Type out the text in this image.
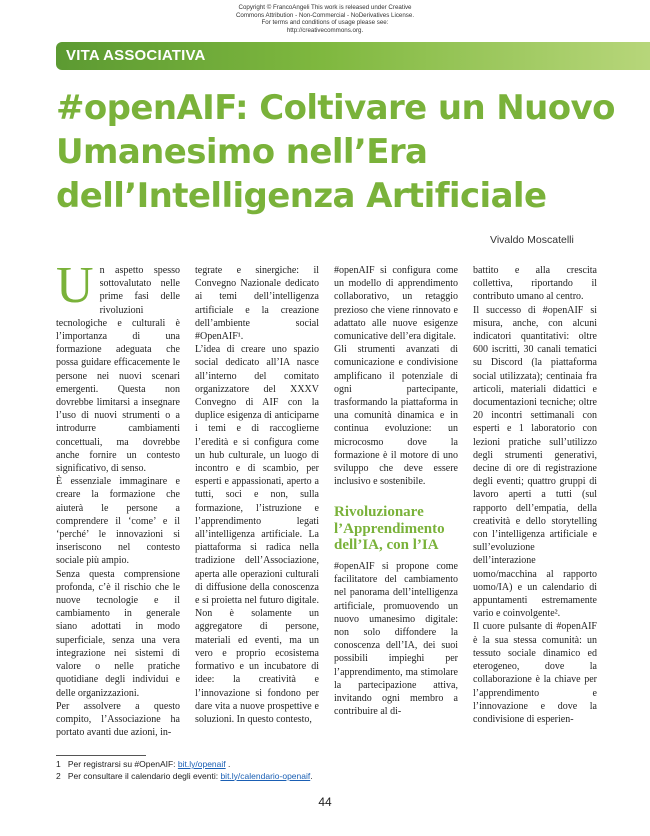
Copyright © FrancoAngeli This work is released under Creative
Commons Attribution - Non-Commercial - NoDerivatives License.
For terms and conditions of usage please see:
http://creativecommons.org.
VITA ASSOCIATIVA
#openAIF: Coltivare un Nuovo Umanesimo nell’Era dell’Intelligenza Artificiale
Vivaldo Moscatelli

Un aspetto spesso sottovalutato nelle prime fasi delle rivoluzioni tecnologiche e culturali è l’importanza di una formazione adeguata che possa guidare efficacemente le persone nei nuovi scenari emergenti. Questa non dovrebbe limitarsi a insegnare l’uso di nuovi strumenti o a introdurre cambiamenti concettuali, ma dovrebbe anche fornire un contesto significativo, di senso.

È essenziale immaginare e creare la formazione che aiuterà le persone a comprendere il ‘come’ e il ‘perché’ le innovazioni si inseriscono nel contesto sociale più ampio.

Senza questa comprensione profonda, c’è il rischio che le nuove tecnologie e il cambiamento in generale siano adottati in modo superficiale, senza una vera integrazione nei sistemi di valore o nelle pratiche quotidiane degli individui e delle organizzazioni.

Per assolvere a questo compito, l’Associazione ha portato avanti due azioni, in-

tegrate e sinergiche: il Convegno Nazionale dedicato ai temi dell’intelligenza artificiale e la creazione dell’ambiente social #OpenAIF¹.

L’idea di creare uno spazio social dedicato all’IA nasce all’interno del comitato organizzatore del XXXV Convegno di AIF con la duplice esigenza di anticiparne i temi e di raccoglierne l’eredità e si configura come un hub culturale, un luogo di incontro e di scambio, per esperti e appassionati, aperto a tutti, soci e non, sulla formazione, l’istruzione e l’apprendimento legati all’intelligenza artificiale. La piattaforma si radica nella tradizione dell’Associazione, aperta alle operazioni culturali di diffusione della conoscenza e si proietta nel futuro digitale. Non è solamente un aggregatore di persone, materiali ed eventi, ma un vero e proprio ecosistema formativo e un incubatore di idee: la creatività e l’innovazione si fondono per dare vita a nuove prospettive e soluzioni. In questo contesto,

#openAIF si configura come un modello di apprendimento collaborativo, un retaggio prezioso che viene rinnovato e adattato alle nuove esigenze comunicative dell’era digitale.

Gli strumenti avanzati di comunicazione e condivisione amplificano il potenziale di ogni partecipante, trasformando la piattaforma in una comunità dinamica e in continua evoluzione: un microcosmo dove la formazione è il motore di uno sviluppo che deve essere inclusivo e sostenibile.

Rivoluzionare l’Apprendimento dell’IA, con l’IA

#openAIF si propone come facilitatore del cambiamento nel panorama dell’intelligenza artificiale, promuovendo un nuovo umanesimo digitale: non solo diffondere la conoscenza dell’IA, dei suoi possibili impieghi per l’apprendimento, ma stimolare la partecipazione attiva, invitando ogni membro a contribuire al di-

battito e alla crescita collettiva, riportando il contributo umano al centro.

Il successo di #openAIF si misura, anche, con alcuni indicatori quantitativi: oltre 600 iscritti, 30 canali tematici su Discord (la piattaforma social utilizzata); centinaia fra articoli, materiali didattici e documentazioni tecniche; oltre 20 incontri settimanali con esperti e 1 laboratorio con lezioni pratiche sull’utilizzo degli strumenti generativi, decine di ore di registrazione degli eventi; quattro gruppi di lavoro aperti a tutti (sul rapporto dell’empatia, della creatività e dello storytelling con l’intelligenza artificiale e sull’evoluzione dell’interazione uomo/macchina al rapporto uomo/IA) e un calendario di appuntamenti estremamente vario e coinvolgente².

Il cuore pulsante di #openAIF è la sua stessa comunità: un tessuto sociale dinamico ed eterogeneo, dove la collaborazione è la chiave per l’apprendimento e l’innovazione e dove la condivisione di esperien-

1 Per registrarsi su #OpenAIF: bit.ly/openaif .
2 Per consultare il calendario degli eventi: bit.ly/calendario-openaif.
44
